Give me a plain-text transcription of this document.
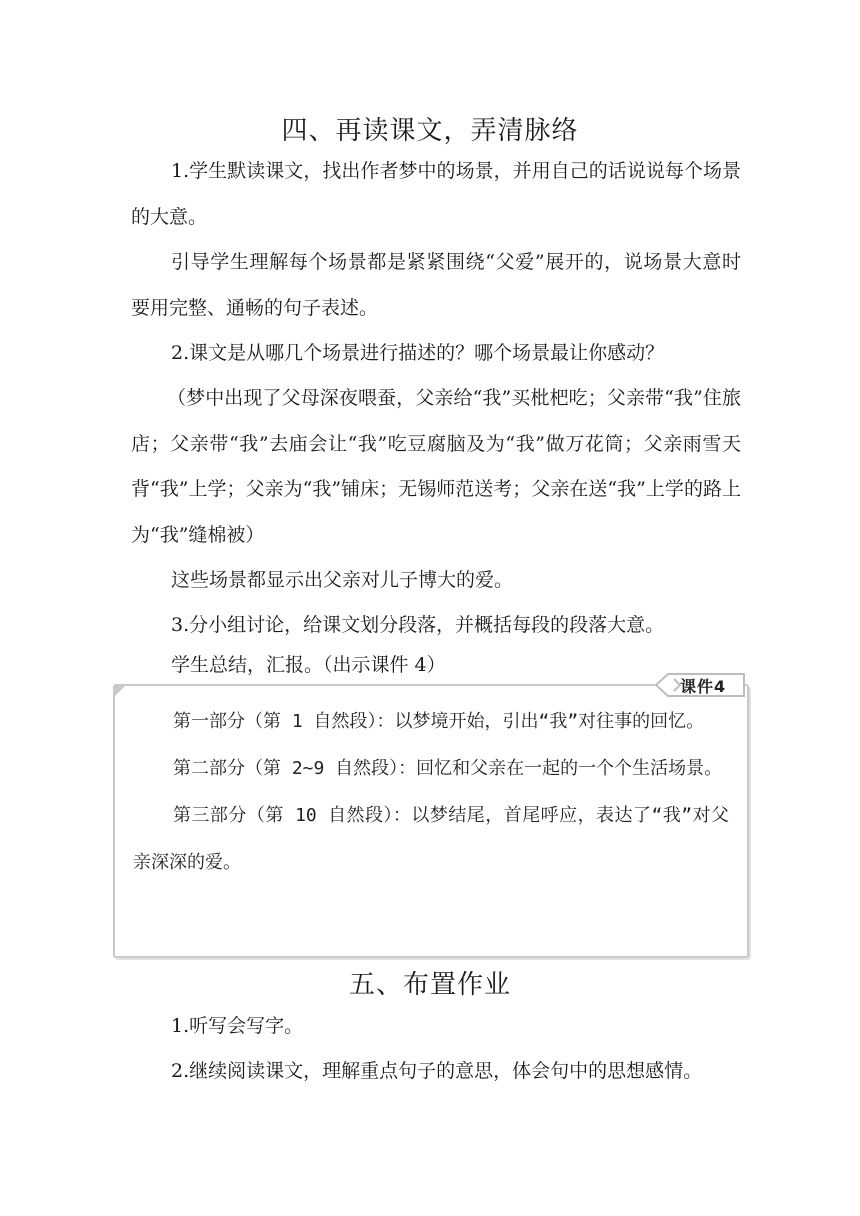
四、再读课文，弄清脉络
1.学生默读课文，找出作者梦中的场景，并用自己的话说说每个场景的大意。
引导学生理解每个场景都是紧紧围绕“父爱”展开的，说场景大意时要用完整、通畅的句子表述。
2.课文是从哪几个场景进行描述的？哪个场景最让你感动？
（梦中出现了父母深夜喂蚕，父亲给“我”买枇杷吃；父亲带“我”住旅店；父亲带“我”去庙会让“我”吃豆腐脑及为“我”做万花筒；父亲雨雪天背“我”上学；父亲为“我”铺床；无锡师范送考；父亲在送“我”上学的路上为“我”缝棉被）
这些场景都显示出父亲对儿子博大的爱。
3.分小组讨论，给课文划分段落，并概括每段的段落大意。
学生总结，汇报。（出示课件 4）
第一部分（第 1 自然段）：以梦境开始，引出“我”对往事的回忆。
第二部分（第 2~9 自然段）：回忆和父亲在一起的一个个生活场景。
第三部分（第 10 自然段）：以梦结尾，首尾呼应，表达了“我”对父亲深深的爱。
课件4
五、布置作业
1.听写会写字。
2.继续阅读课文，理解重点句子的意思，体会句中的思想感情。
